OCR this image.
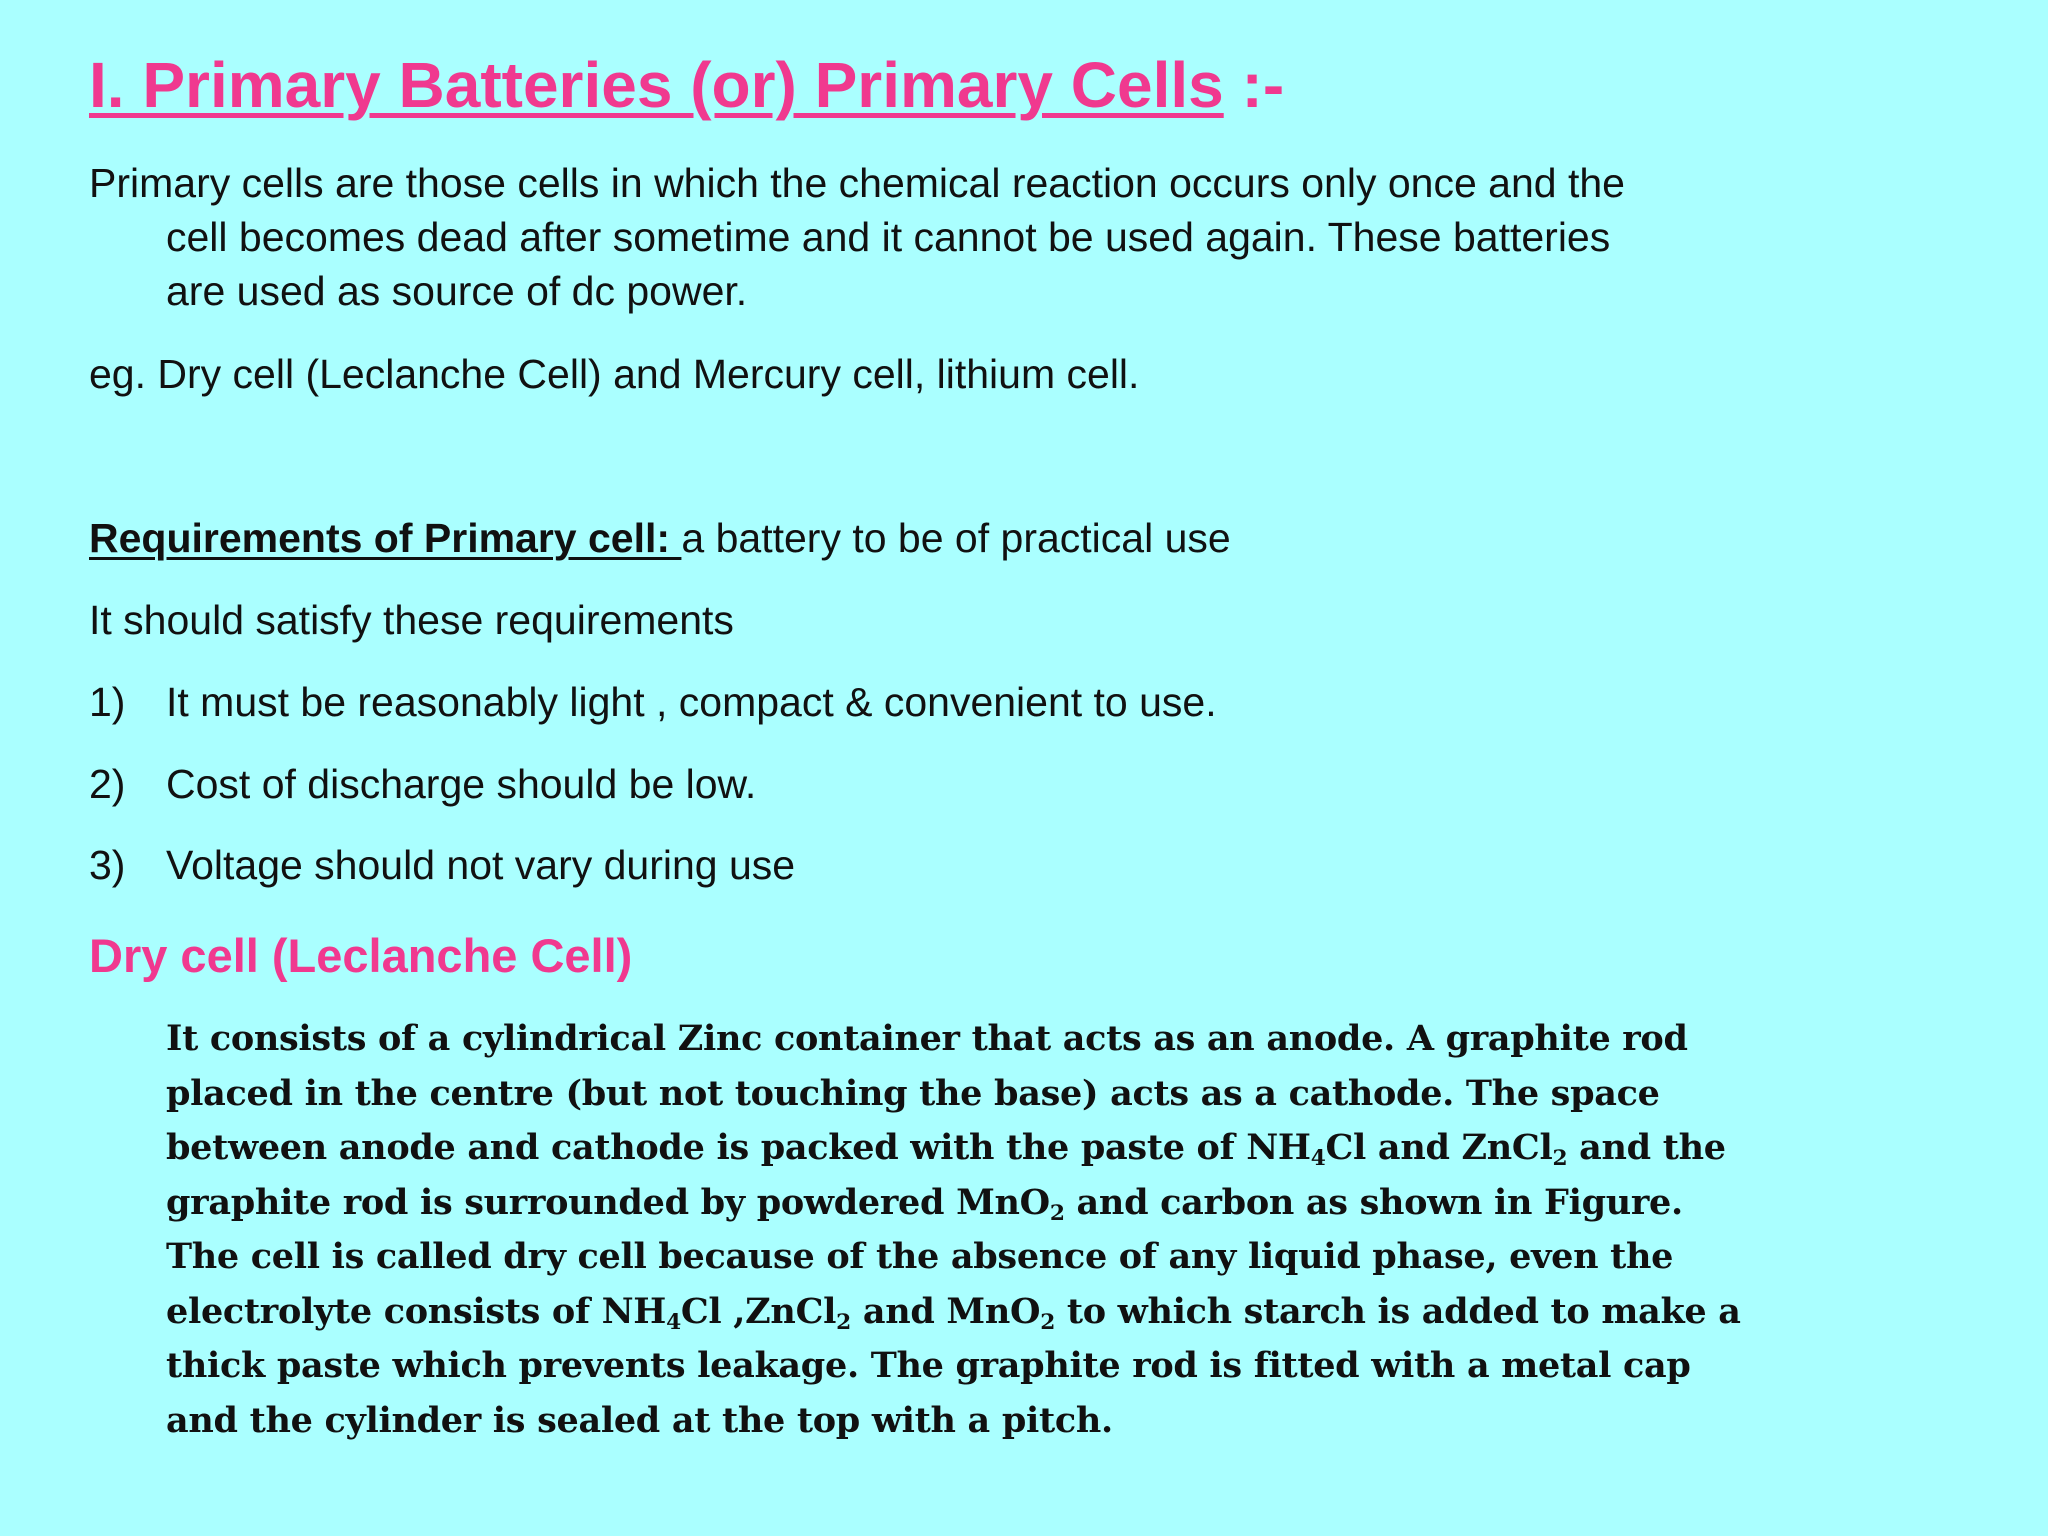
I. Primary Batteries (or) Primary Cells :-
Primary cells are those cells in which the chemical reaction occurs only once and the
cell becomes dead after sometime and it cannot be used again. These batteries
are used as source of dc power.
eg. Dry cell (Leclanche Cell) and Mercury cell, lithium cell.
Requirements of Primary cell: a battery to be of practical use
It should satisfy these requirements
1) It must be reasonably light , compact & convenient to use.
2) Cost of discharge should be low.
3) Voltage should not vary during use
Dry cell (Leclanche Cell)
It consists of a cylindrical Zinc container that acts as an anode. A graphite rod
placed in the centre (but not touching the base) acts as a cathode. The space
between anode and cathode is packed with the paste of $NH_4Cl$ and ZnCl$_2$ and the
graphite rod is surrounded by powdered MnO$_2$ and carbon as shown in Figure.
The cell is called dry cell because of the absence of any liquid phase, even the
electrolyte consists of $NH_4Cl$ ,ZnCl$_2$ and MnO$_2$ to which starch is added to make a
thick paste which prevents leakage. The graphite rod is fitted with a metal cap
and the cylinder is sealed at the top with a pitch.
